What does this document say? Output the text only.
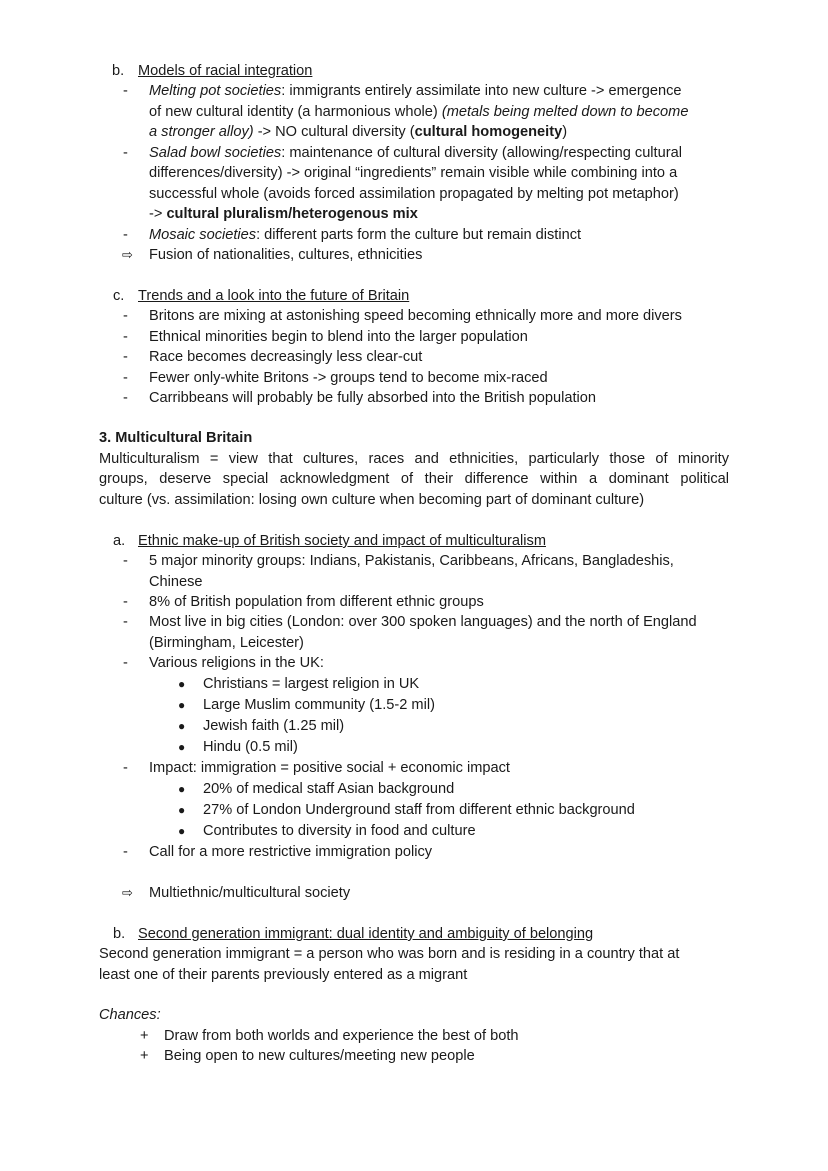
b. Models of racial integration
- Melting pot societies: immigrants entirely assimilate into new culture -> emergence
of new cultural identity (a harmonious whole) (metals being melted down to become
a stronger alloy) -> NO cultural diversity (cultural homogeneity)
- Salad bowl societies: maintenance of cultural diversity (allowing/respecting cultural
differences/diversity) -> original “ingredients” remain visible while combining into a
successful whole (avoids forced assimilation propagated by melting pot metaphor)
-> cultural pluralism/heterogenous mix
- Mosaic societies: different parts form the culture but remain distinct
⇨ Fusion of nationalities, cultures, ethnicities
c. Trends and a look into the future of Britain
- Britons are mixing at astonishing speed becoming ethnically more and more divers
- Ethnical minorities begin to blend into the larger population
- Race becomes decreasingly less clear-cut
- Fewer only-white Britons -> groups tend to become mix-raced
- Carribbeans will probably be fully absorbed into the British population
3. Multicultural Britain
Multiculturalism = view that cultures, races and ethnicities, particularly those of minority
groups, deserve special acknowledgment of their difference within a dominant political
culture (vs. assimilation: losing own culture when becoming part of dominant culture)
a. Ethnic make-up of British society and impact of multiculturalism
- 5 major minority groups: Indians, Pakistanis, Caribbeans, Africans, Bangladeshis,
Chinese
- 8% of British population from different ethnic groups
- Most live in big cities (London: over 300 spoken languages) and the north of England
(Birmingham, Leicester)
- Various religions in the UK:
● Christians = largest religion in UK
● Large Muslim community (1.5-2 mil)
● Jewish faith (1.25 mil)
● Hindu (0.5 mil)
- Impact: immigration = positive social + economic impact
● 20% of medical staff Asian background
● 27% of London Underground staff from different ethnic background
● Contributes to diversity in food and culture
- Call for a more restrictive immigration policy
⇨ Multiethnic/multicultural society
b. Second generation immigrant: dual identity and ambiguity of belonging
Second generation immigrant = a person who was born and is residing in a country that at
least one of their parents previously entered as a migrant
Chances:
+ Draw from both worlds and experience the best of both
+ Being open to new cultures/meeting new people
